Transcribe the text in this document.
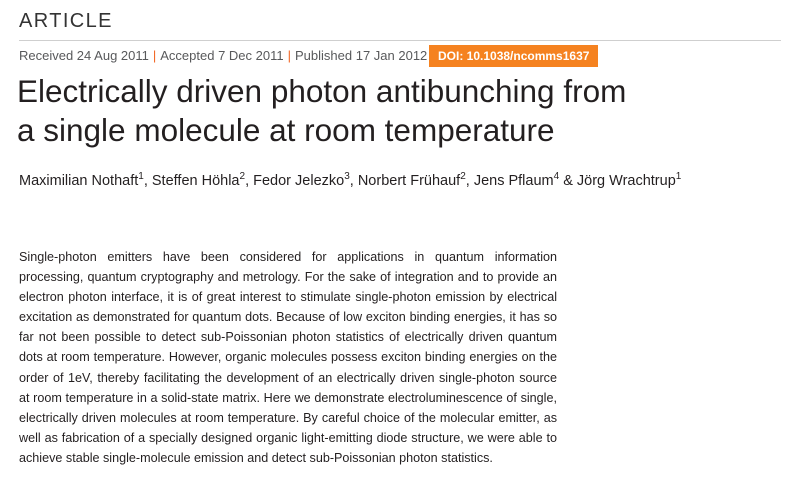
ARTICLE
Received 24 Aug 2011 | Accepted 7 Dec 2011 | Published 17 Jan 2012 DOI: 10.1038/ncomms1637
Electrically driven photon antibunching from
a single molecule at room temperature
Maximilian Nothaft$^1$, Steffen Höhla$^2$, Fedor Jelezko$^3$, Norbert Frühauf$^2$, Jens Pflaum$^4$ & Jörg Wrachtrup$^1$

Single-photon emitters have been considered for applications in quantum information processing, quantum cryptography and metrology. For the sake of integration and to provide an electron photon interface, it is of great interest to stimulate single-photon emission by electrical excitation as demonstrated for quantum dots. Because of low exciton binding energies, it has so far not been possible to detect sub-Poissonian photon statistics of electrically driven quantum dots at room temperature. However, organic molecules possess exciton binding energies on the order of 1eV, thereby facilitating the development of an electrically driven single-photon source at room temperature in a solid-state matrix. Here we demonstrate electroluminescence of single, electrically driven molecules at room temperature. By careful choice of the molecular emitter, as well as fabrication of a specially designed organic light-emitting diode structure, we were able to achieve stable single-molecule emission and detect sub-Poissonian photon statistics.
